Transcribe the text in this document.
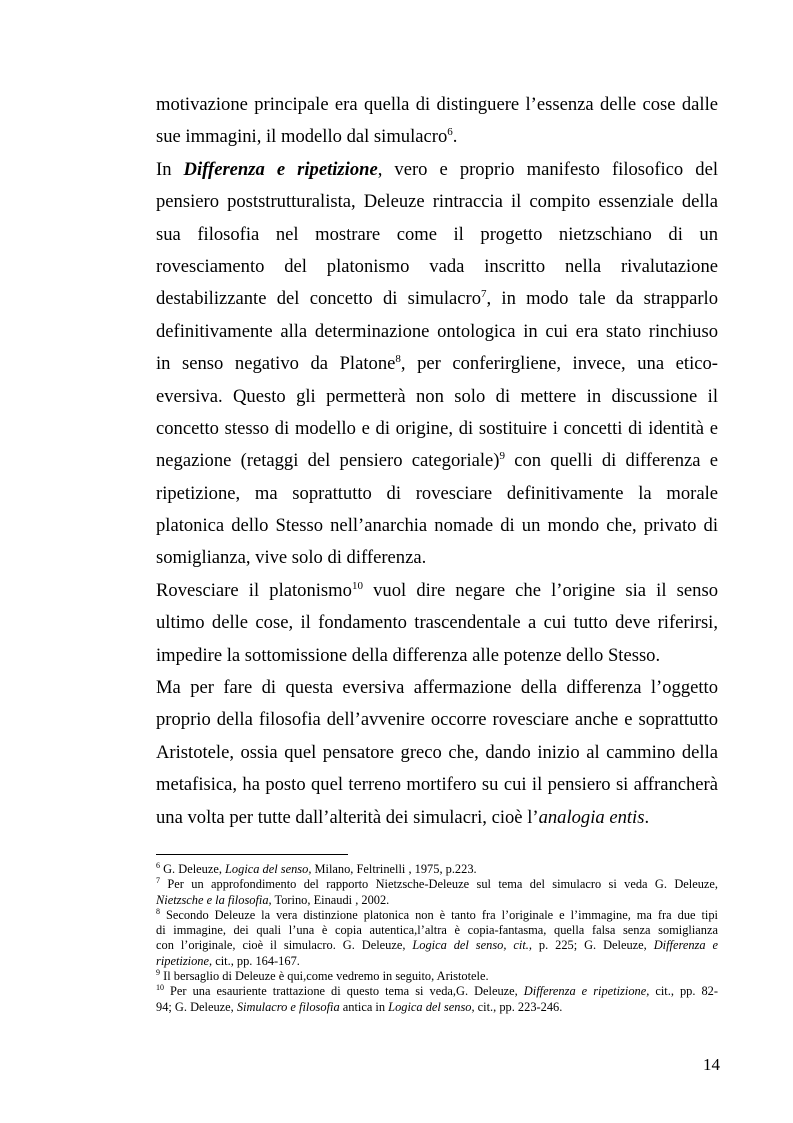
motivazione principale era quella di distinguere l’essenza delle cose dalle
sue immagini, il modello dal simulacro$^6$.
In Differenza e ripetizione, vero e proprio manifesto filosofico del
pensiero poststrutturalista, Deleuze rintraccia il compito essenziale della
sua filosofia nel mostrare come il progetto nietzschiano di un
rovesciamento del platonismo vada inscritto nella rivalutazione
destabilizzante del concetto di simulacro$^7$, in modo tale da strapparlo
definitivamente alla determinazione ontologica in cui era stato rinchiuso
in senso negativo da Platone$^8$, per conferirgliene, invece, una etico-
eversiva. Questo gli permetterà non solo di mettere in discussione il
concetto stesso di modello e di origine, di sostituire i concetti di identità e
negazione (retaggi del pensiero categoriale)$^9$ con quelli di differenza e
ripetizione, ma soprattutto di rovesciare definitivamente la morale
platonica dello Stesso nell’anarchia nomade di un mondo che, privato di
somiglianza, vive solo di differenza.
Rovesciare il platonismo$^{10}$ vuol dire negare che l’origine sia il senso
ultimo delle cose, il fondamento trascendentale a cui tutto deve riferirsi,
impedire la sottomissione della differenza alle potenze dello Stesso.
Ma per fare di questa eversiva affermazione della differenza l’oggetto
proprio della filosofia dell’avvenire occorre rovesciare anche e soprattutto
Aristotele, ossia quel pensatore greco che, dando inizio al cammino della
metafisica, ha posto quel terreno mortifero su cui il pensiero si affrancherà
una volta per tutte dall’alterità dei simulacri, cioè l’analogia entis.
$^6$ G. Deleuze, Logica del senso, Milano, Feltrinelli , 1975, p.223.
$^7$ Per un approfondimento del rapporto Nietzsche-Deleuze sul tema del simulacro si veda G. Deleuze,
Nietzsche e la filosofia, Torino, Einaudi , 2002.
$^8$ Secondo Deleuze la vera distinzione platonica non è tanto fra l’originale e l’immagine, ma fra due tipi
di immagine, dei quali l’una è copia autentica,l’altra è copia-fantasma, quella falsa senza somiglianza
con l’originale, cioè il simulacro. G. Deleuze, Logica del senso, cit., p. 225; G. Deleuze, Differenza e
ripetizione, cit., pp. 164-167.
$^9$ Il bersaglio di Deleuze è qui,come vedremo in seguito, Aristotele.
$^{10}$ Per una esauriente trattazione di questo tema si veda,G. Deleuze, Differenza e ripetizione, cit., pp. 82-
94; G. Deleuze, Simulacro e filosofia antica in Logica del senso, cit., pp. 223-246.
14
